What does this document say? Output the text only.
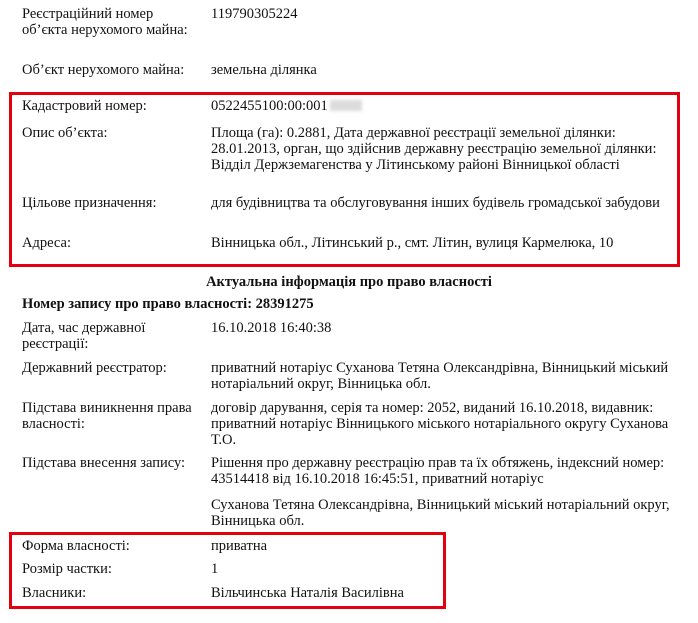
Реєстраційний номер об’єкта нерухомого майна:
119790305224
Об’єкт нерухомого майна:	земельна ділянка
Кадастровий номер:	0522455100:00:001
Опис об’єкта:	Площа (га): 0.2881, Дата державної реєстрації земельної ділянки: 28.01.2013, орган, що здійснив державну реєстрацію земельної ділянки: Відділ Держземагенства у Літинському районі Вінницької області
Цільове призначення:	для будівництва та обслуговування інших будівель громадської забудови
Адреса:	Вінницька обл., Літинський р., смт. Літин, вулиця Кармелюка, 10
Актуальна інформація про право власності
Номер запису про право власності: 28391275
Дата, час державної реєстрації:
16.10.2018 16:40:38
Державний реєстратор:	приватний нотаріус Суханова Тетяна Олександрівна, Вінницький міський нотаріальний округ, Вінницька обл.
Підстава виникнення права власності:
договір дарування, серія та номер: 2052, виданий 16.10.2018, видавник: приватний нотаріус Вінницького міського нотаріального округу Суханова Т.О.
Підстава внесення запису:	Рішення про державну реєстрацію прав та їх обтяжень, індексний номер: 43514418 від 16.10.2018 16:45:51, приватний нотаріус
Суханова Тетяна Олександрівна, Вінницький міський нотаріальний округ, Вінницька обл.
Форма власності:	приватна
Розмір частки:	1
Власники:	Вільчинська Наталія Василівна
